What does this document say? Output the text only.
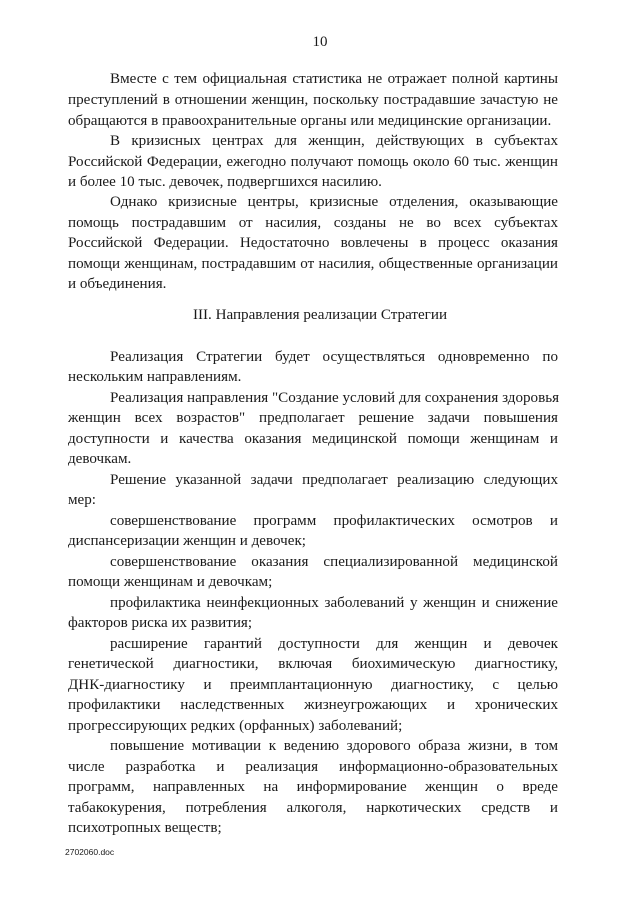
10
Вместе с тем официальная статистика не отражает полной картины
преступлений в отношении женщин, поскольку пострадавшие зачастую не
обращаются в правоохранительные органы или медицинские организации.
В кризисных центрах для женщин, действующих в субъектах
Российской Федерации, ежегодно получают помощь около 60 тыс. женщин
и более 10 тыс. девочек, подвергшихся насилию.
Однако кризисные центры, кризисные отделения, оказывающие
помощь пострадавшим от насилия, созданы не во всех субъектах
Российской Федерации. Недостаточно вовлечены в процесс оказания
помощи женщинам, пострадавшим от насилия, общественные организации
и объединения.
III. Направления реализации Стратегии
Реализация Стратегии будет осуществляться одновременно по
нескольким направлениям.
Реализация направления "Создание условий для сохранения здоровья
женщин всех возрастов" предполагает решение задачи повышения
доступности и качества оказания медицинской помощи женщинам и
девочкам.
Решение указанной задачи предполагает реализацию следующих
мер:
совершенствование программ профилактических осмотров и
диспансеризации женщин и девочек;
совершенствование оказания специализированной медицинской
помощи женщинам и девочкам;
профилактика неинфекционных заболеваний у женщин и снижение
факторов риска их развития;
расширение гарантий доступности для женщин и девочек
генетической диагностики, включая биохимическую диагностику,
ДНК-диагностику и преимплантационную диагностику, с целью
профилактики наследственных жизнеугрожающих и хронических
прогрессирующих редких (орфанных) заболеваний;
повышение мотивации к ведению здорового образа жизни, в том
числе разработка и реализация информационно-образовательных
программ, направленных на информирование женщин о вреде
табакокурения, потребления алкоголя, наркотических средств и
психотропных веществ;
2702060.doc
